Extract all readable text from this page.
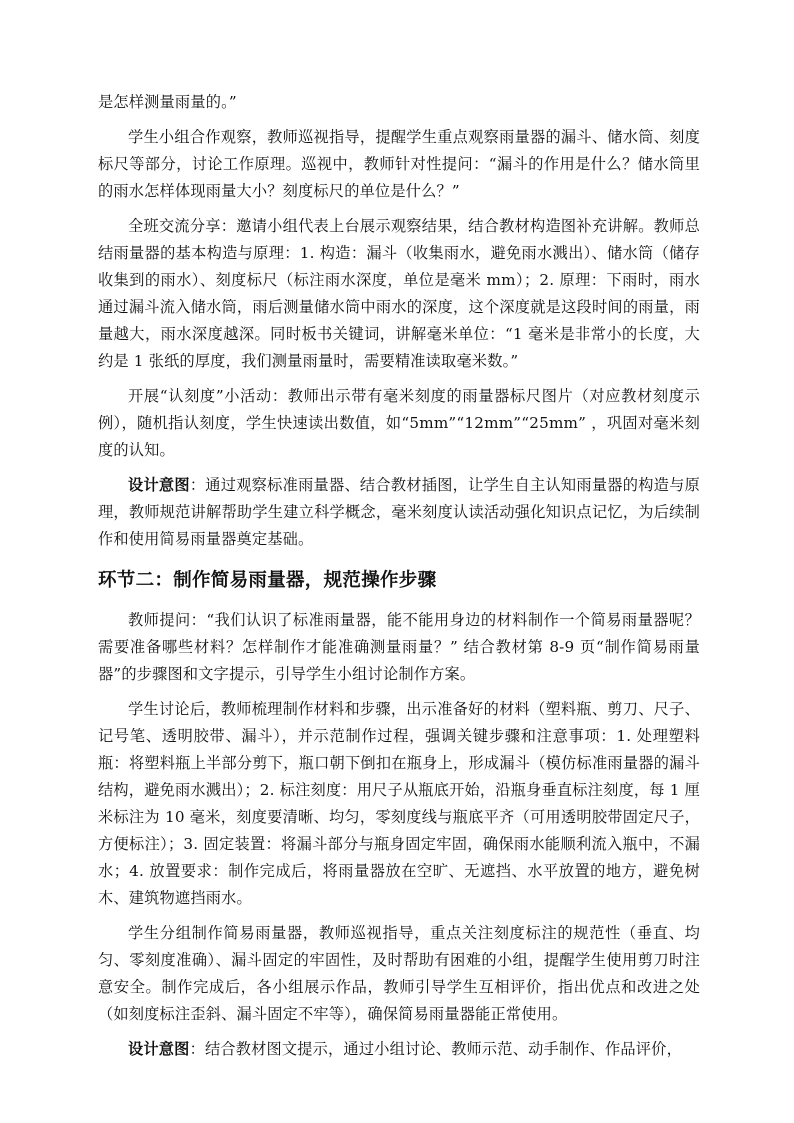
是怎样测量雨量的。”

学生小组合作观察，教师巡视指导，提醒学生重点观察雨量器的漏斗、储水筒、刻度标尺等部分，讨论工作原理。巡视中，教师针对性提问：“漏斗的作用是什么？储水筒里的雨水怎样体现雨量大小？刻度标尺的单位是什么？”

全班交流分享：邀请小组代表上台展示观察结果，结合教材构造图补充讲解。教师总结雨量器的基本构造与原理：1. 构造：漏斗（收集雨水，避免雨水溅出）、储水筒（储存收集到的雨水）、刻度标尺（标注雨水深度，单位是毫米 mm）；2. 原理：下雨时，雨水通过漏斗流入储水筒，雨后测量储水筒中雨水的深度，这个深度就是这段时间的雨量，雨量越大，雨水深度越深。同时板书关键词，讲解毫米单位：“1 毫米是非常小的长度，大约是 1 张纸的厚度，我们测量雨量时，需要精准读取毫米数。”

开展“认刻度”小活动：教师出示带有毫米刻度的雨量器标尺图片（对应教材刻度示例），随机指认刻度，学生快速读出数值，如“5mm”“12mm”“25mm” ，巩固对毫米刻度的认知。

设计意图：通过观察标准雨量器、结合教材插图，让学生自主认知雨量器的构造与原理，教师规范讲解帮助学生建立科学概念，毫米刻度认读活动强化知识点记忆，为后续制作和使用简易雨量器奠定基础。

环节二：制作简易雨量器，规范操作步骤

教师提问：“我们认识了标准雨量器，能不能用身边的材料制作一个简易雨量器呢？需要准备哪些材料？怎样制作才能准确测量雨量？” 结合教材第 8-9 页“制作简易雨量器”的步骤图和文字提示，引导学生小组讨论制作方案。

学生讨论后，教师梳理制作材料和步骤，出示准备好的材料（塑料瓶、剪刀、尺子、记号笔、透明胶带、漏斗），并示范制作过程，强调关键步骤和注意事项：1. 处理塑料瓶：将塑料瓶上半部分剪下，瓶口朝下倒扣在瓶身上，形成漏斗（模仿标准雨量器的漏斗结构，避免雨水溅出）；2. 标注刻度：用尺子从瓶底开始，沿瓶身垂直标注刻度，每 1 厘米标注为 10 毫米，刻度要清晰、均匀，零刻度线与瓶底平齐（可用透明胶带固定尺子，方便标注）；3. 固定装置：将漏斗部分与瓶身固定牢固，确保雨水能顺利流入瓶中，不漏水；4. 放置要求：制作完成后，将雨量器放在空旷、无遮挡、水平放置的地方，避免树木、建筑物遮挡雨水。

学生分组制作简易雨量器，教师巡视指导，重点关注刻度标注的规范性（垂直、均匀、零刻度准确）、漏斗固定的牢固性，及时帮助有困难的小组，提醒学生使用剪刀时注意安全。制作完成后，各小组展示作品，教师引导学生互相评价，指出优点和改进之处（如刻度标注歪斜、漏斗固定不牢等），确保简易雨量器能正常使用。

设计意图：结合教材图文提示，通过小组讨论、教师示范、动手制作、作品评价，
